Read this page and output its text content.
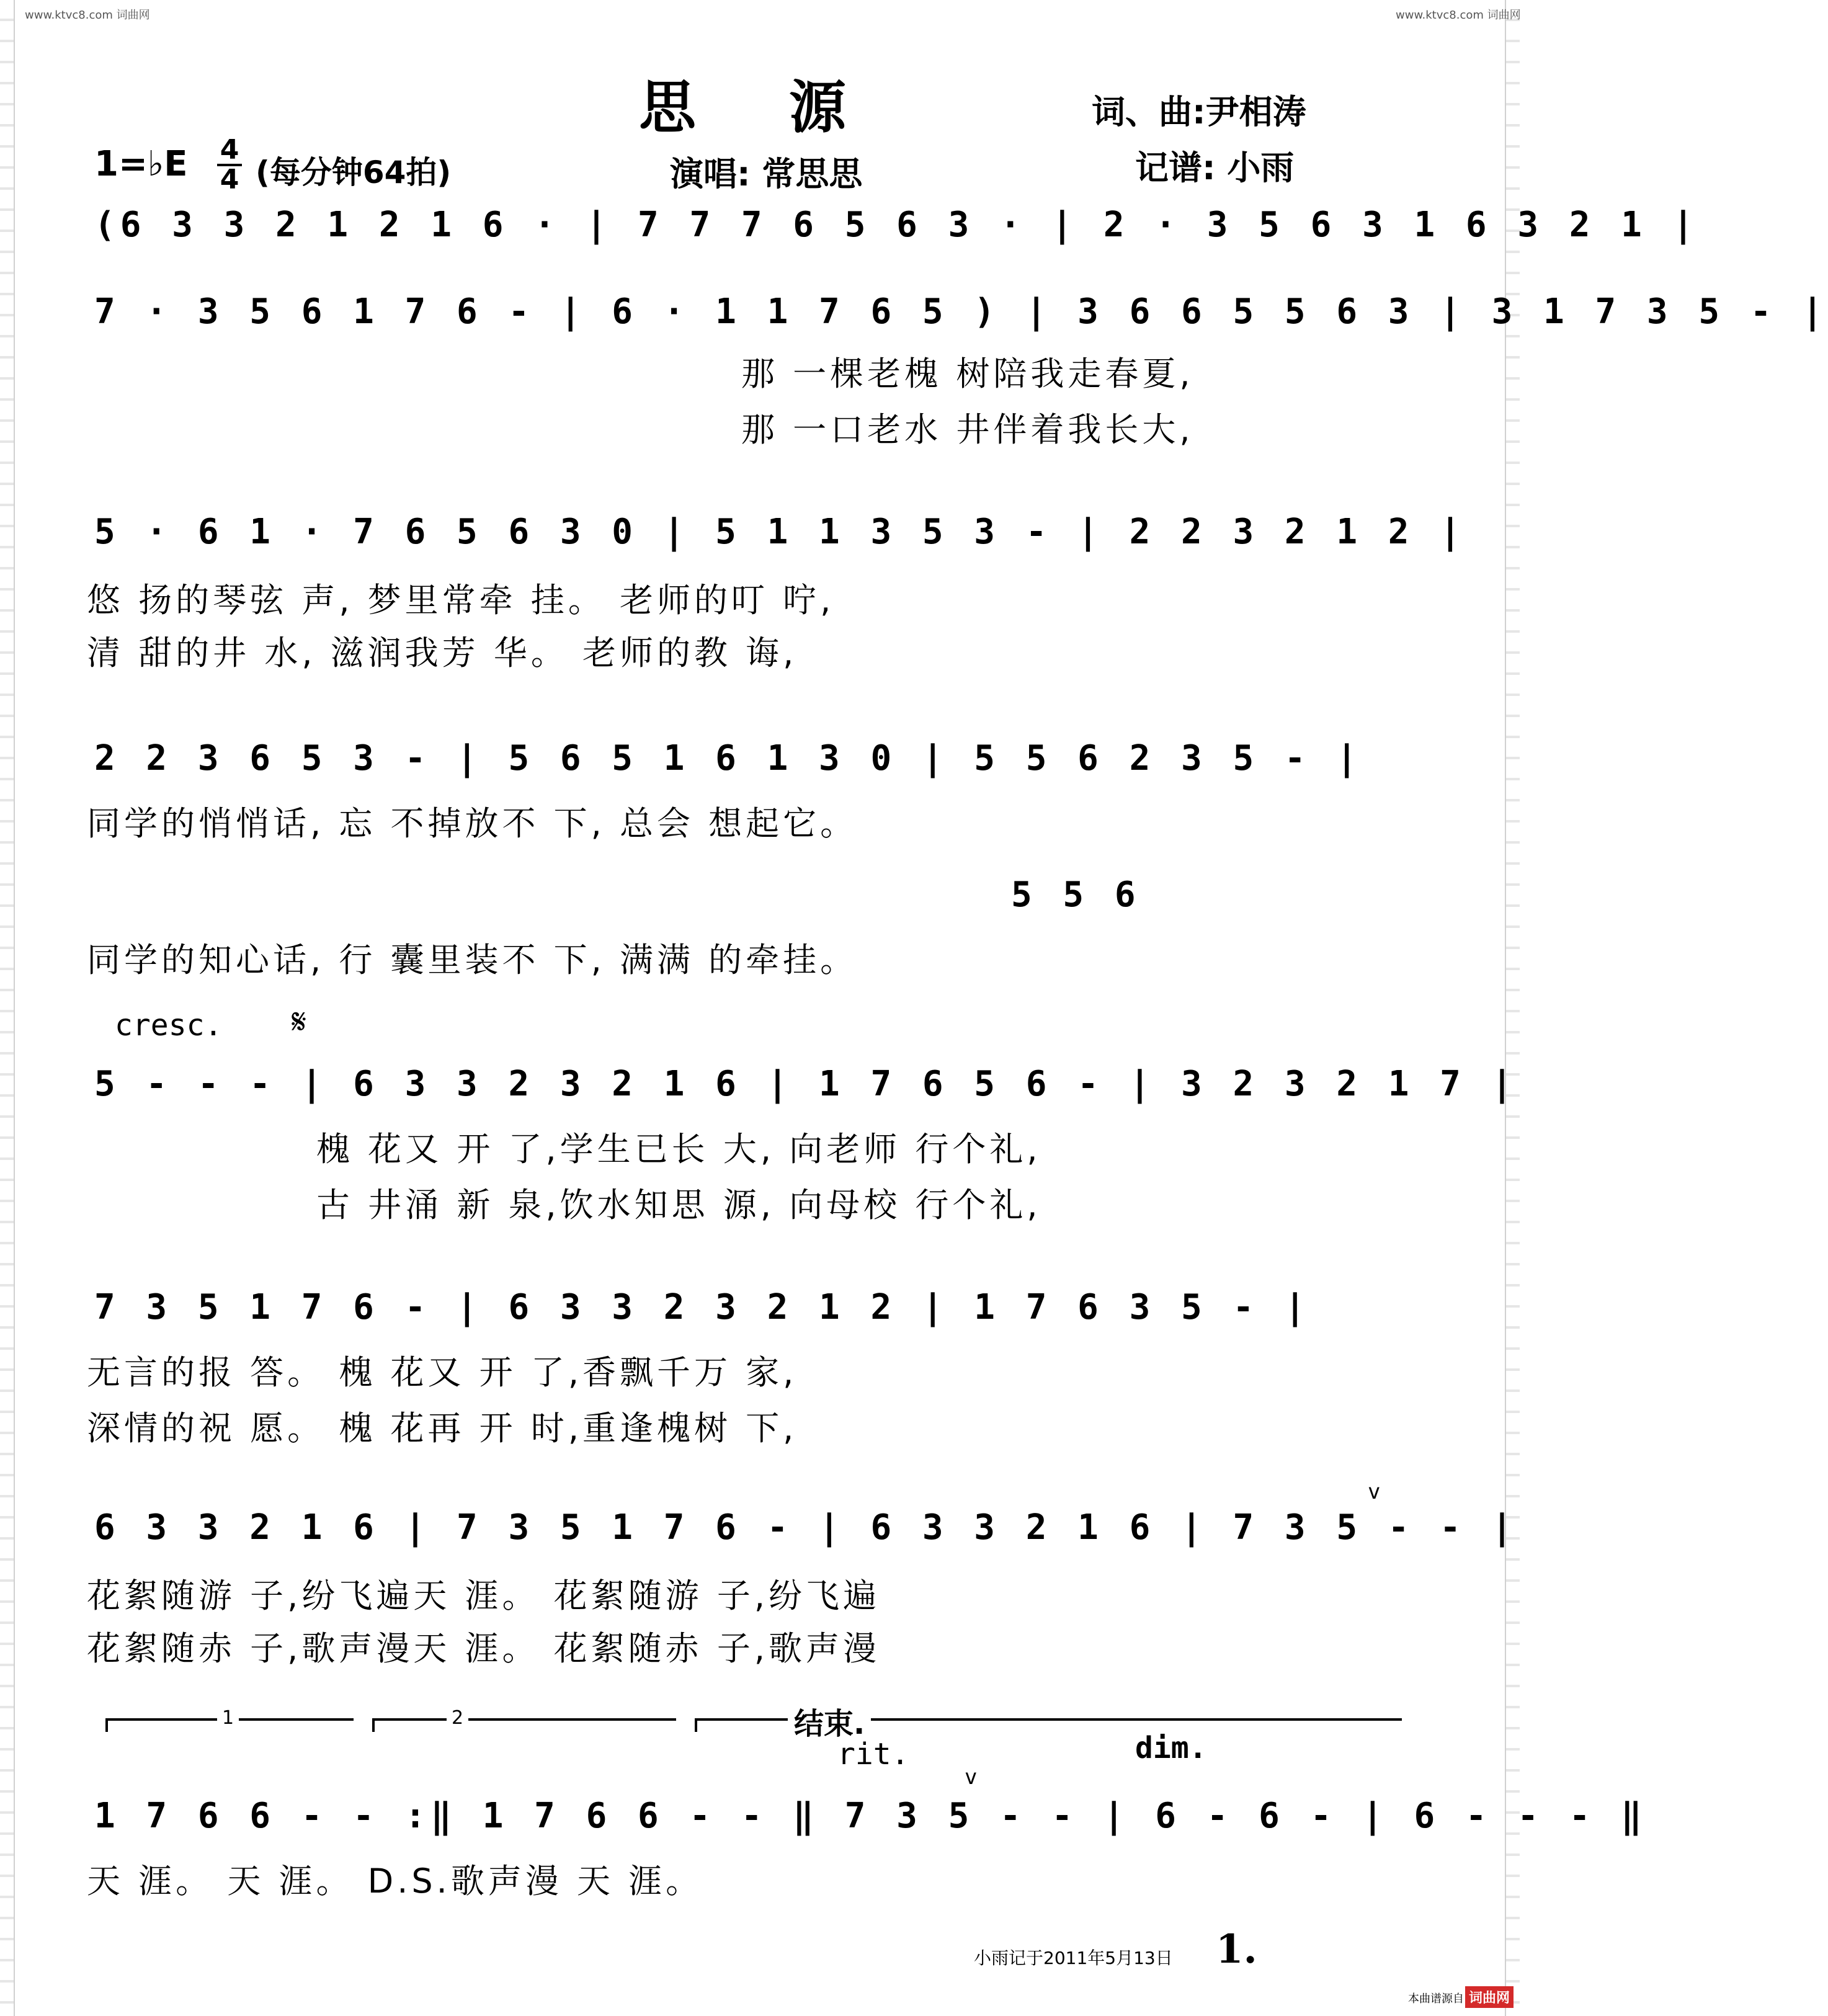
www.ktvc8.com 词曲网	www.ktvc8.com 词曲网
思源	词、曲:尹相涛
1=♭E $\frac{4}{4}$ (每分钟64拍)	演唱: 常思思	记谱: 小雨
(6 3 3 2 1 2 1 6 · | 7 7 7 6 5 6 3 · | 2 · 3 5 6 3 1 6 3 2 1 |
7 · 3 5 6 1 7 6 - | 6 · 1 1 7 6 5 ) | 3 6 6 5 5 6 3 | 3 1 7 3 5 - |
那 一棵老槐 树陪我走春夏,
那 一口老水 井伴着我长大,
5 · 6 1 · 7 6 5 6 3 0 | 5 1 1 3 5 3 - | 2 2 3 2 1 2 |
悠 扬的琴弦 声, 梦里常牵 挂。 老师的叮 咛,
清 甜的井 水, 滋润我芳 华。 老师的教 诲,
2 2 3 6 5 3 - | 5 6 5 1 6 1 3 0 | 5 5 6 2 3 5 - |
同学的悄悄话, 忘 不掉放不 下, 总会 想起它。
5 5 6
同学的知心话, 行 囊里装不 下, 满满 的牵挂。
cresc. 𝄋
5 - - - | 6 3 3 2 3 2 1 6 | 1 7 6 5 6 - | 3 2 3 2 1 7 |
槐 花又 开 了,学生已长 大, 向老师 行个礼,
古 井涌 新 泉,饮水知思 源, 向母校 行个礼,
7 3 5 1 7 6 - | 6 3 3 2 3 2 1 2 | 1 7 6 3 5 - |
无言的报 答。 槐 花又 开 了,香飘千万 家,
深情的祝 愿。 槐 花再 开 时,重逢槐树 下,
v
6 3 3 2 1 6 | 7 3 5 1 7 6 - | 6 3 3 2 1 6 | 7 3 5 - - |
花絮随游 子,纷飞遍天 涯。 花絮随游 子,纷飞遍
花絮随赤 子,歌声漫天 涯。 花絮随赤 子,歌声漫
1	2	结束.
rit.	dim.
v
1 7 6 6 - - :‖ 1 7 6 6 - - ‖ 7 3 5 - - | 6 - 6 - | 6 - - - ‖
天 涯。 天 涯。 D.S.歌声漫 天 涯。
小雨记于2011年5月13日 1.
本曲谱源自 词曲网
